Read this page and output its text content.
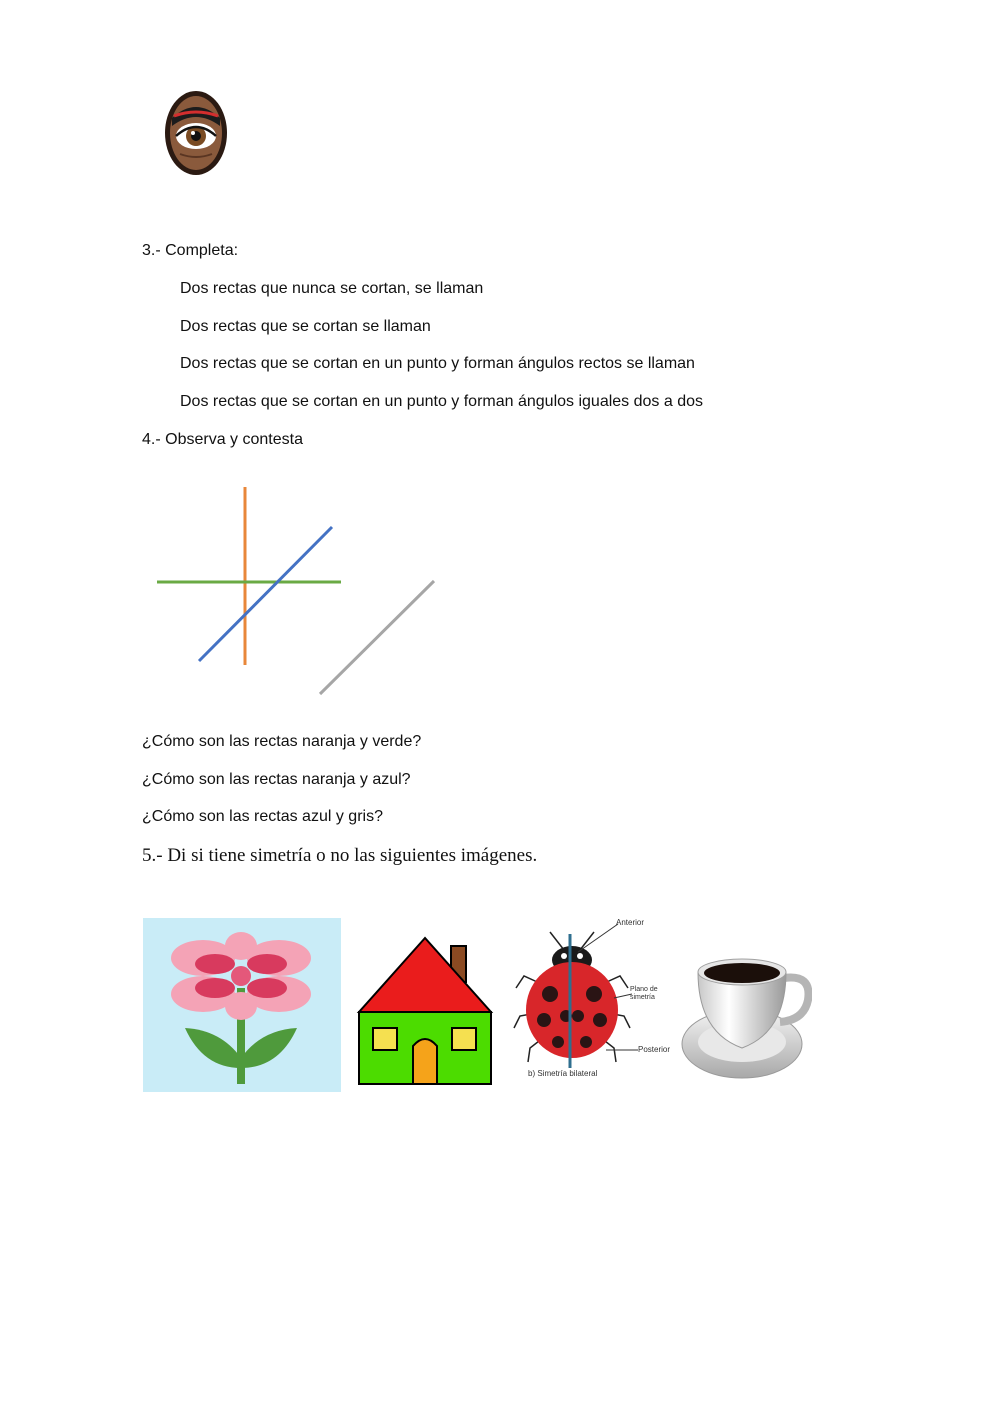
3.- Completa:
Dos rectas que nunca se cortan, se llaman
Dos rectas que se cortan se llaman
Dos rectas que se cortan en un punto y forman ángulos rectos se llaman
Dos rectas que se cortan en un punto y forman ángulos iguales dos a dos
4.- Observa y contesta
¿Cómo son las rectas naranja y verde?
¿Cómo son las rectas naranja y azul?
¿Cómo son las rectas azul y gris?
5.- Di si tiene simetría o no las siguientes imágenes.
Anterior
Plano de simetría
Posterior
b) Simetría bilateral
